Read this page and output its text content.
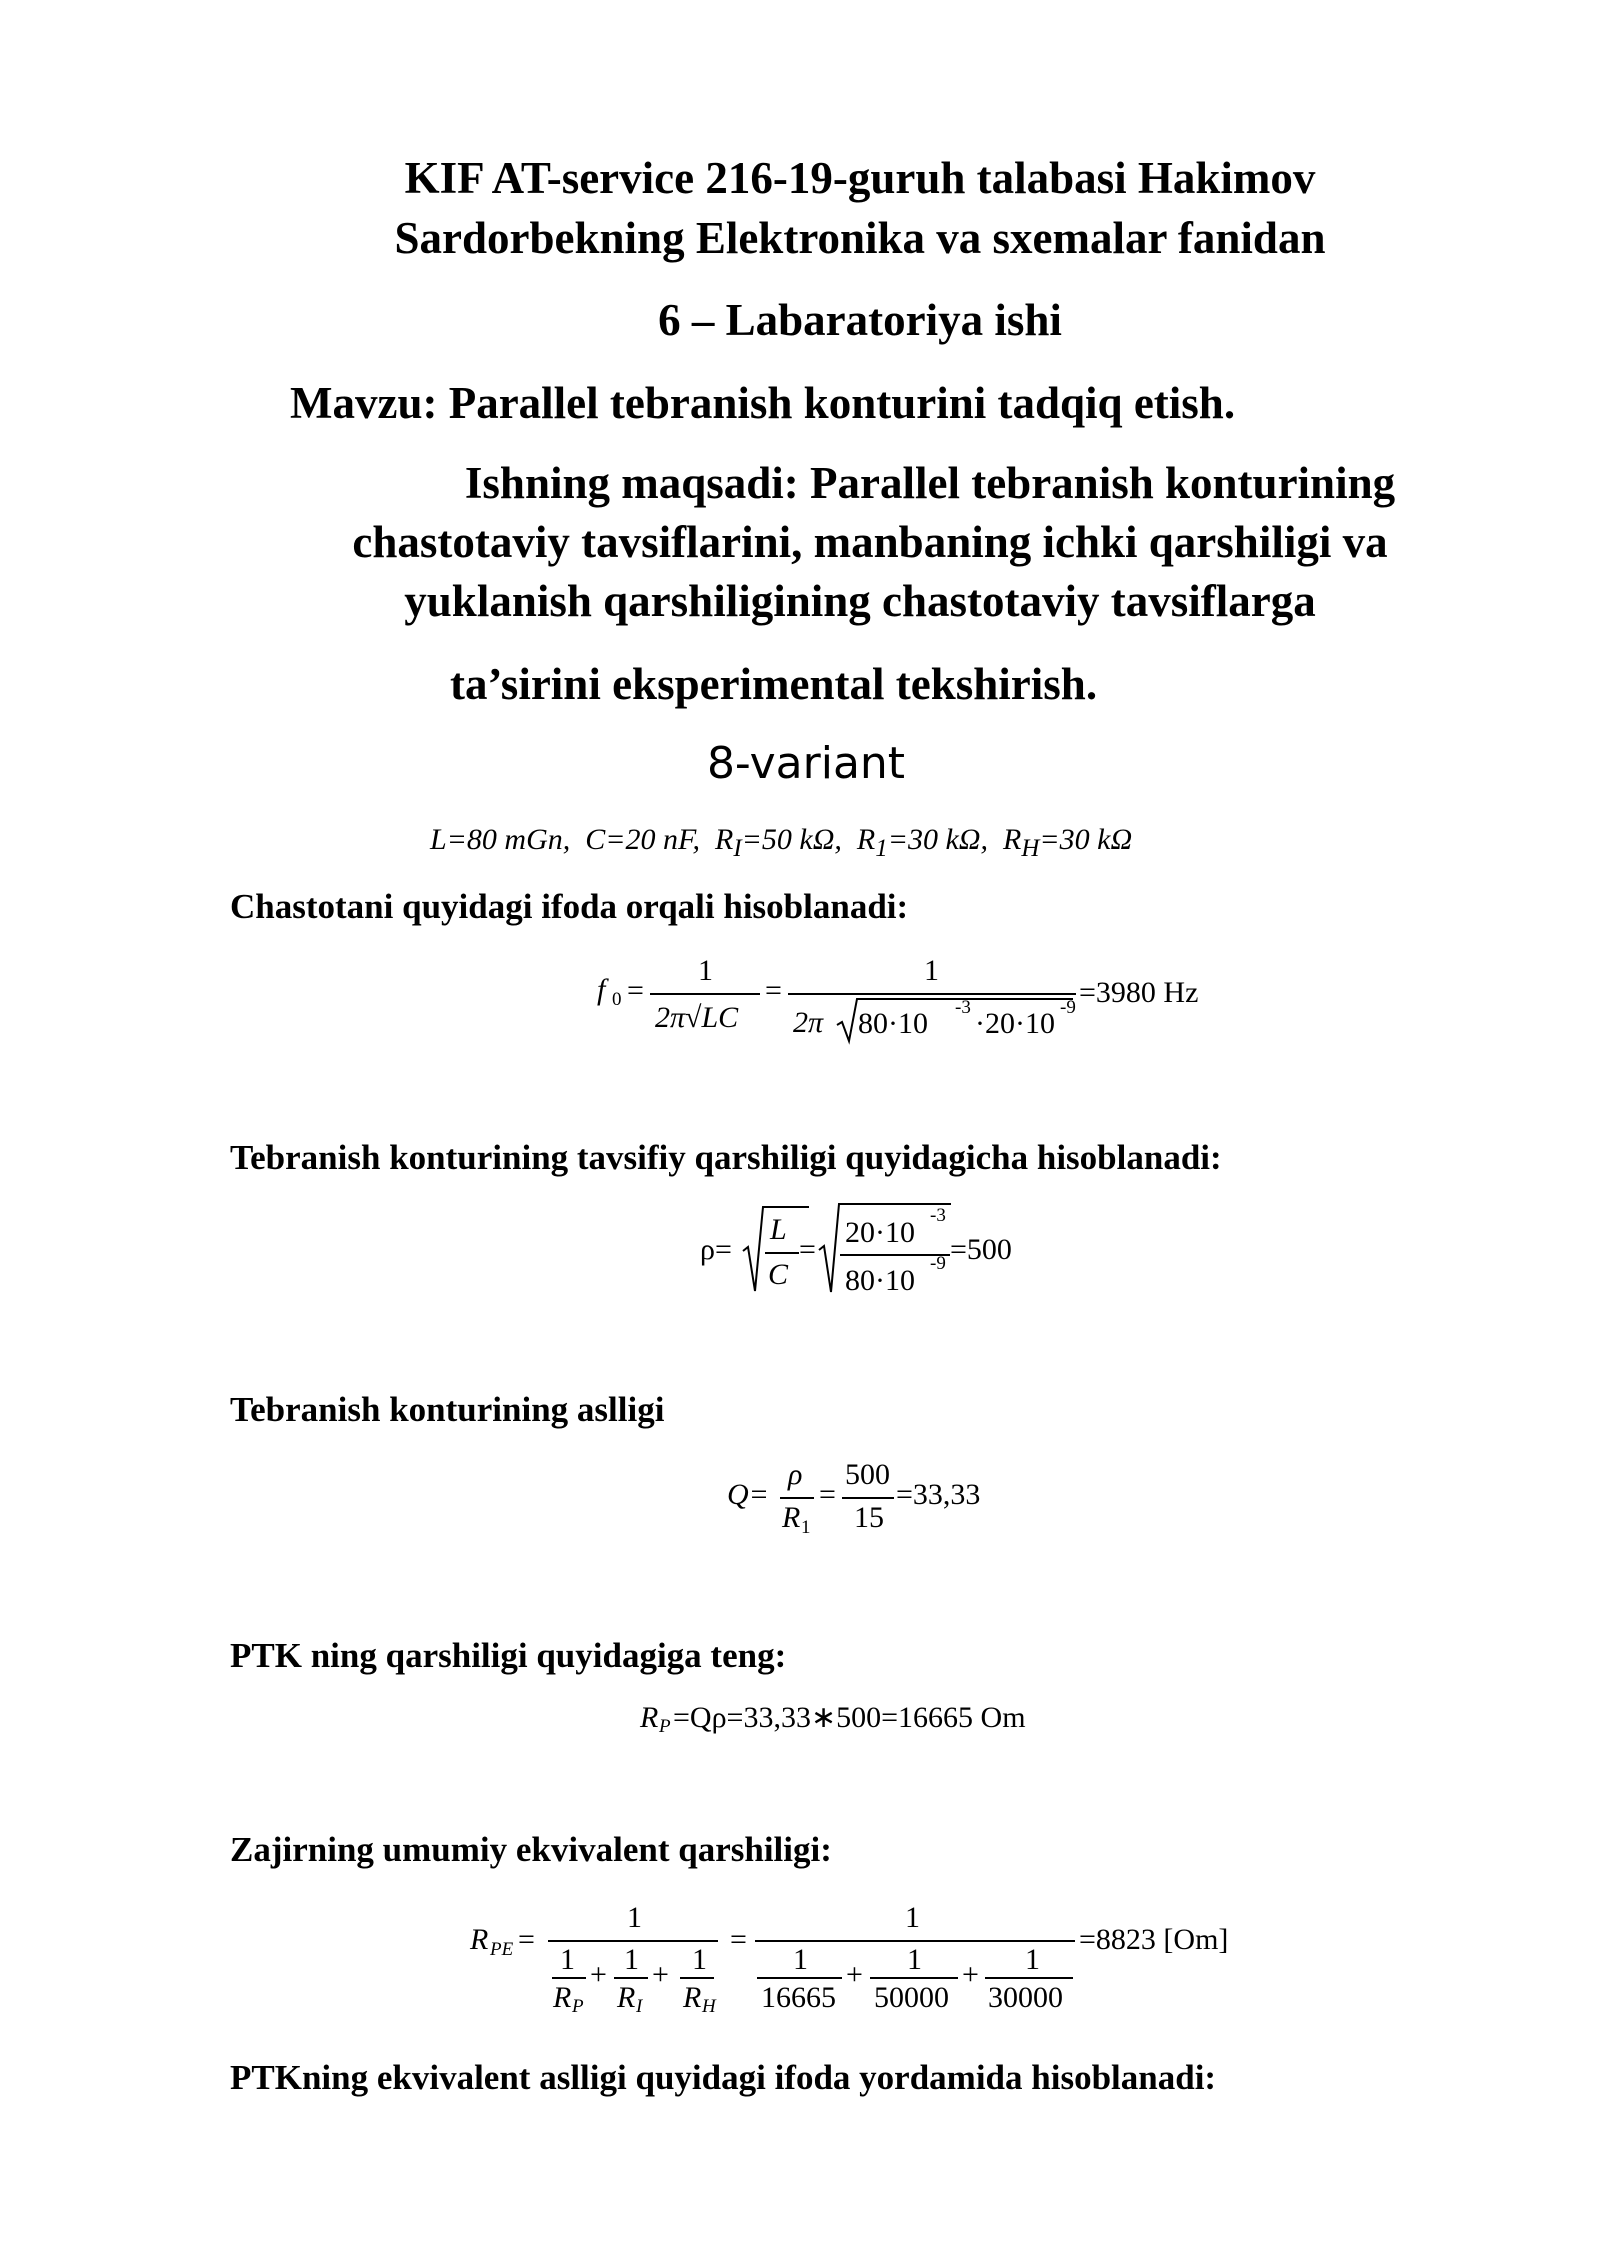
KIF AT-service 216-19-guruh talabasi Hakimov
Sardorbekning Elektronika va sxemalar fanidan
6 – Labaratoriya ishi
Mavzu: Parallel tebranish konturini tadqiq etish.
Ishning maqsadi: Parallel tebranish konturining
chastotaviy tavsiflarini, manbaning ichki qarshiligi va
yuklanish qarshiligining chastotaviy tavsiflarga
ta’sirini eksperimental tekshirish.
8-variant
L=80 mGn,  C=20 nF,  $R_I=50$ kΩ,  $R_1=30$ kΩ,  $R_H=30$ kΩ
Chastotani quyidagi ifoda orqali hisoblanadi:
f 0 =
1
2π√LC
=
1
2π 80·10 -3 ·20·10 -9 =3980 Hz
Tebranish konturining tavsifiy qarshiligi quyidagicha hisoblanadi:
ρ=
L
C
=
20·10
-3
80·10
-9 =500
Tebranish konturining aslligi
Q=
ρ
R 1
=
500
15
=33,33
PTK ning qarshiligi quyidagiga teng:
R P =Qρ=33,33∗500=16665 Om
Zajirning umumiy ekvivalent qarshiligi:
R PE =
1
1
R P
+ 1
R I
+ 1
R H
=
1
1
16665
+ 1
50000
+ 1
30000
=8823 [Om]
PTKning ekvivalent aslligi quyidagi ifoda yordamida hisoblanadi:
